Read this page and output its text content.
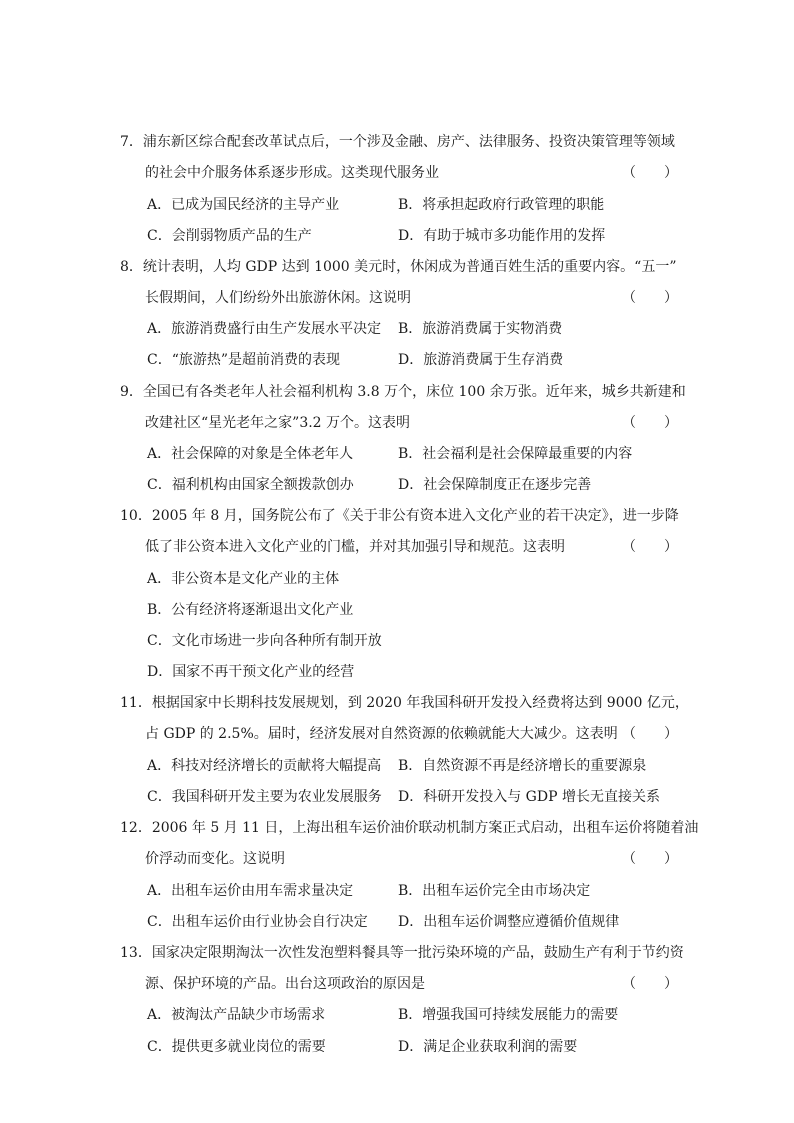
7．浦东新区综合配套改革试点后，一个涉及金融、房产、法律服务、投资决策管理等领域
的社会中介服务体系逐步形成。这类现代服务业	（　　）
A．已成为国民经济的主导产业	B．将承担起政府行政管理的职能
C．会削弱物质产品的生产	D．有助于城市多功能作用的发挥
8．统计表明，人均 GDP 达到 1000 美元时，休闲成为普通百姓生活的重要内容。“五一”
长假期间，人们纷纷外出旅游休闲。这说明	（　　）
A．旅游消费盛行由生产发展水平决定 B．旅游消费属于实物消费
C．“旅游热”是超前消费的表现	D．旅游消费属于生存消费
9．全国已有各类老年人社会福利机构 3.8 万个，床位 100 余万张。近年来，城乡共新建和
改建社区“星光老年之家”3.2 万个。这表明	（　　）
A．社会保障的对象是全体老年人	B．社会福利是社会保障最重要的内容
C．福利机构由国家全额拨款创办	D．社会保障制度正在逐步完善
10．2005 年 8 月，国务院公布了《关于非公有资本进入文化产业的若干决定》，进一步降
低了非公资本进入文化产业的门槛，并对其加强引导和规范。这表明	（　　）
A．非公资本是文化产业的主体
B．公有经济将逐渐退出文化产业
C．文化市场进一步向各种所有制开放
D．国家不再干预文化产业的经营
11．根据国家中长期科技发展规划，到 2020 年我国科研开发投入经费将达到 9000 亿元，
占 GDP 的 2.5%。届时，经济发展对自然资源的依赖就能大大减少。这表明 （　　）
A．科技对经济增长的贡献将大幅提高 B．自然资源不再是经济增长的重要源泉
C．我国科研开发主要为农业发展服务 D．科研开发投入与 GDP 增长无直接关系
12．2006 年 5 月 11 日，上海出租车运价油价联动机制方案正式启动，出租车运价将随着油
价浮动而变化。这说明	（　　）
A．出租车运价由用车需求量决定	B．出租车运价完全由市场决定
C．出租车运价由行业协会自行决定 D．出租车运价调整应遵循价值规律
13．国家决定限期淘汰一次性发泡塑料餐具等一批污染环境的产品，鼓励生产有利于节约资
源、保护环境的产品。出台这项政治的原因是	（　　）
A．被淘汰产品缺少市场需求	B．增强我国可持续发展能力的需要
C．提供更多就业岗位的需要	D．满足企业获取利润的需要
